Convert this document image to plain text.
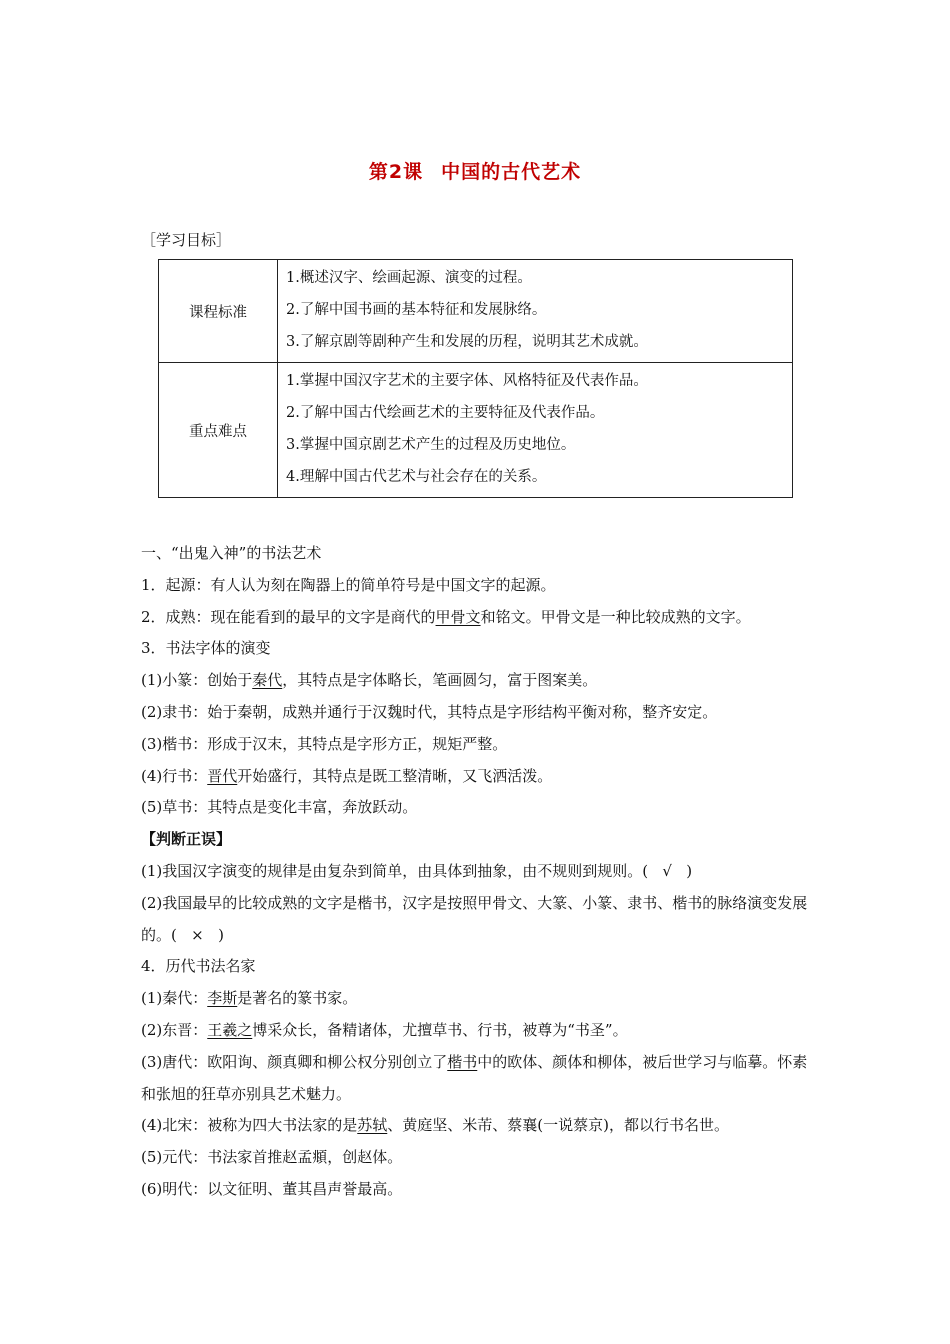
第2课 中国的古代艺术
［学习目标］
课程标准	1.概述汉字、绘画起源、演变的过程。
2.了解中国书画的基本特征和发展脉络。
3.了解京剧等剧种产生和发展的历程，说明其艺术成就。

重点难点	1.掌握中国汉字艺术的主要字体、风格特征及代表作品。
2.了解中国古代绘画艺术的主要特征及代表作品。
3.掌握中国京剧艺术产生的过程及历史地位。
4.理解中国古代艺术与社会存在的关系。

一、“出鬼入神”的书法艺术

1．起源：有人认为刻在陶器上的简单符号是中国文字的起源。

2．成熟：现在能看到的最早的文字是商代的甲骨文和铭文。甲骨文是一种比较成熟的文字。

3．书法字体的演变

(1)小篆：创始于秦代，其特点是字体略长，笔画圆匀，富于图案美。

(2)隶书：始于秦朝，成熟并通行于汉魏时代，其特点是字形结构平衡对称，整齐安定。

(3)楷书：形成于汉末，其特点是字形方正，规矩严整。

(4)行书：晋代开始盛行，其特点是既工整清晰，又飞洒活泼。

(5)草书：其特点是变化丰富，奔放跃动。

【判断正误】

(1)我国汉字演变的规律是由复杂到简单，由具体到抽象，由不规则到规则。( √ )

(2)我国最早的比较成熟的文字是楷书，汉字是按照甲骨文、大篆、小篆、隶书、楷书的脉络演变发展的。( × )

4．历代书法名家

(1)秦代：李斯是著名的篆书家。

(2)东晋：王羲之博采众长，备精诸体，尤擅草书、行书，被尊为“书圣”。

(3)唐代：欧阳询、颜真卿和柳公权分别创立了楷书中的欧体、颜体和柳体，被后世学习与临摹。怀素和张旭的狂草亦别具艺术魅力。

(4)北宋：被称为四大书法家的是苏轼、黄庭坚、米芾、蔡襄(一说蔡京)，都以行书名世。

(5)元代：书法家首推赵孟頫，创赵体。

(6)明代：以文征明、董其昌声誉最高。
